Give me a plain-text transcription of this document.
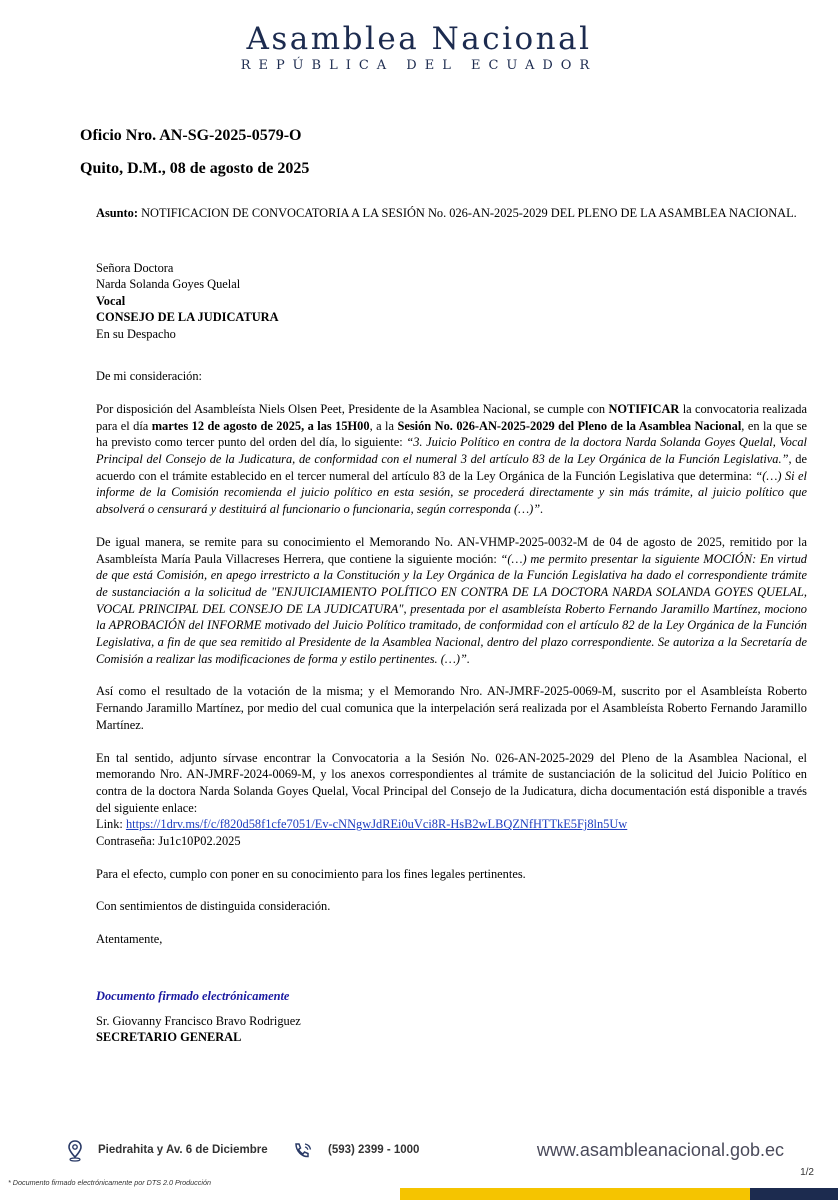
Asamblea Nacional
REPÚBLICA DEL ECUADOR
Oficio Nro. AN-SG-2025-0579-O
Quito, D.M., 08 de agosto de 2025

Asunto: NOTIFICACION DE CONVOCATORIA A LA SESIÓN No. 026-AN-2025-2029 DEL PLENO DE LA ASAMBLEA NACIONAL.

Señora Doctora
Narda Solanda Goyes Quelal
Vocal
CONSEJO DE LA JUDICATURA
En su Despacho

De mi consideración:

Por disposición del Asambleísta Niels Olsen Peet, Presidente de la Asamblea Nacional, se cumple con NOTIFICAR la convocatoria realizada para el día martes 12 de agosto de 2025, a las 15H00, a la Sesión No. 026-AN-2025-2029 del Pleno de la Asamblea Nacional, en la que se ha previsto como tercer punto del orden del día, lo siguiente: “3. Juicio Político en contra de la doctora Narda Solanda Goyes Quelal, Vocal Principal del Consejo de la Judicatura, de conformidad con el numeral 3 del artículo 83 de la Ley Orgánica de la Función Legislativa.”, de acuerdo con el trámite establecido en el tercer numeral del artículo 83 de la Ley Orgánica de la Función Legislativa que determina: “(…) Si el informe de la Comisión recomienda el juicio político en esta sesión, se procederá directamente y sin más trámite, al juicio político que absolverá o censurará y destituirá al funcionario o funcionaria, según corresponda (…)”.

De igual manera, se remite para su conocimiento el Memorando No. AN-VHMP-2025-0032-M de 04 de agosto de 2025, remitido por la Asambleísta María Paula Villacreses Herrera, que contiene la siguiente moción: “(…) me permito presentar la siguiente MOCIÓN: En virtud de que está Comisión, en apego irrestricto a la Constitución y la Ley Orgánica de la Función Legislativa ha dado el correspondiente trámite de sustanciación a la solicitud de "ENJUICIAMIENTO POLÍTICO EN CONTRA DE LA DOCTORA NARDA SOLANDA GOYES QUELAL, VOCAL PRINCIPAL DEL CONSEJO DE LA JUDICATURA", presentada por el asambleísta Roberto Fernando Jaramillo Martínez, mociono la APROBACIÓN del INFORME motivado del Juicio Político tramitado, de conformidad con el artículo 82 de la Ley Orgánica de la Función Legislativa, a fin de que sea remitido al Presidente de la Asamblea Nacional, dentro del plazo correspondiente. Se autoriza a la Secretaría de Comisión a realizar las modificaciones de forma y estilo pertinentes. (…)”.

Así como el resultado de la votación de la misma; y el Memorando Nro. AN-JMRF-2025-0069-M, suscrito por el Asambleísta Roberto Fernando Jaramillo Martínez, por medio del cual comunica que la interpelación será realizada por el Asambleísta Roberto Fernando Jaramillo Martínez.

En tal sentido, adjunto sírvase encontrar la Convocatoria a la Sesión No. 026-AN-2025-2029 del Pleno de la Asamblea Nacional, el memorando Nro. AN-JMRF-2024-0069-M, y los anexos correspondientes al trámite de sustanciación de la solicitud del Juicio Político en contra de la doctora Narda Solanda Goyes Quelal, Vocal Principal del Consejo de la Judicatura, dicha documentación está disponible a través del siguiente enlace:

Link: https://1drv.ms/f/c/f820d58f1cfe7051/Ev-cNNgwJdREi0uVci8R-HsB2wLBQZNfHTTkE5Fj8ln5Uw

Contraseña: Ju1c10P02.2025

Para el efecto, cumplo con poner en su conocimiento para los fines legales pertinentes.

Con sentimientos de distinguida consideración.

Atentamente,

Documento firmado electrónicamente

Sr. Giovanny Francisco Bravo Rodriguez

SECRETARIO GENERAL

Piedrahita y Av. 6 de Diciembre	(593) 2399 - 1000	www.asambleanacional.gob.ec
1/2
* Documento firmado electrónicamente por DTS 2.0 Producción
